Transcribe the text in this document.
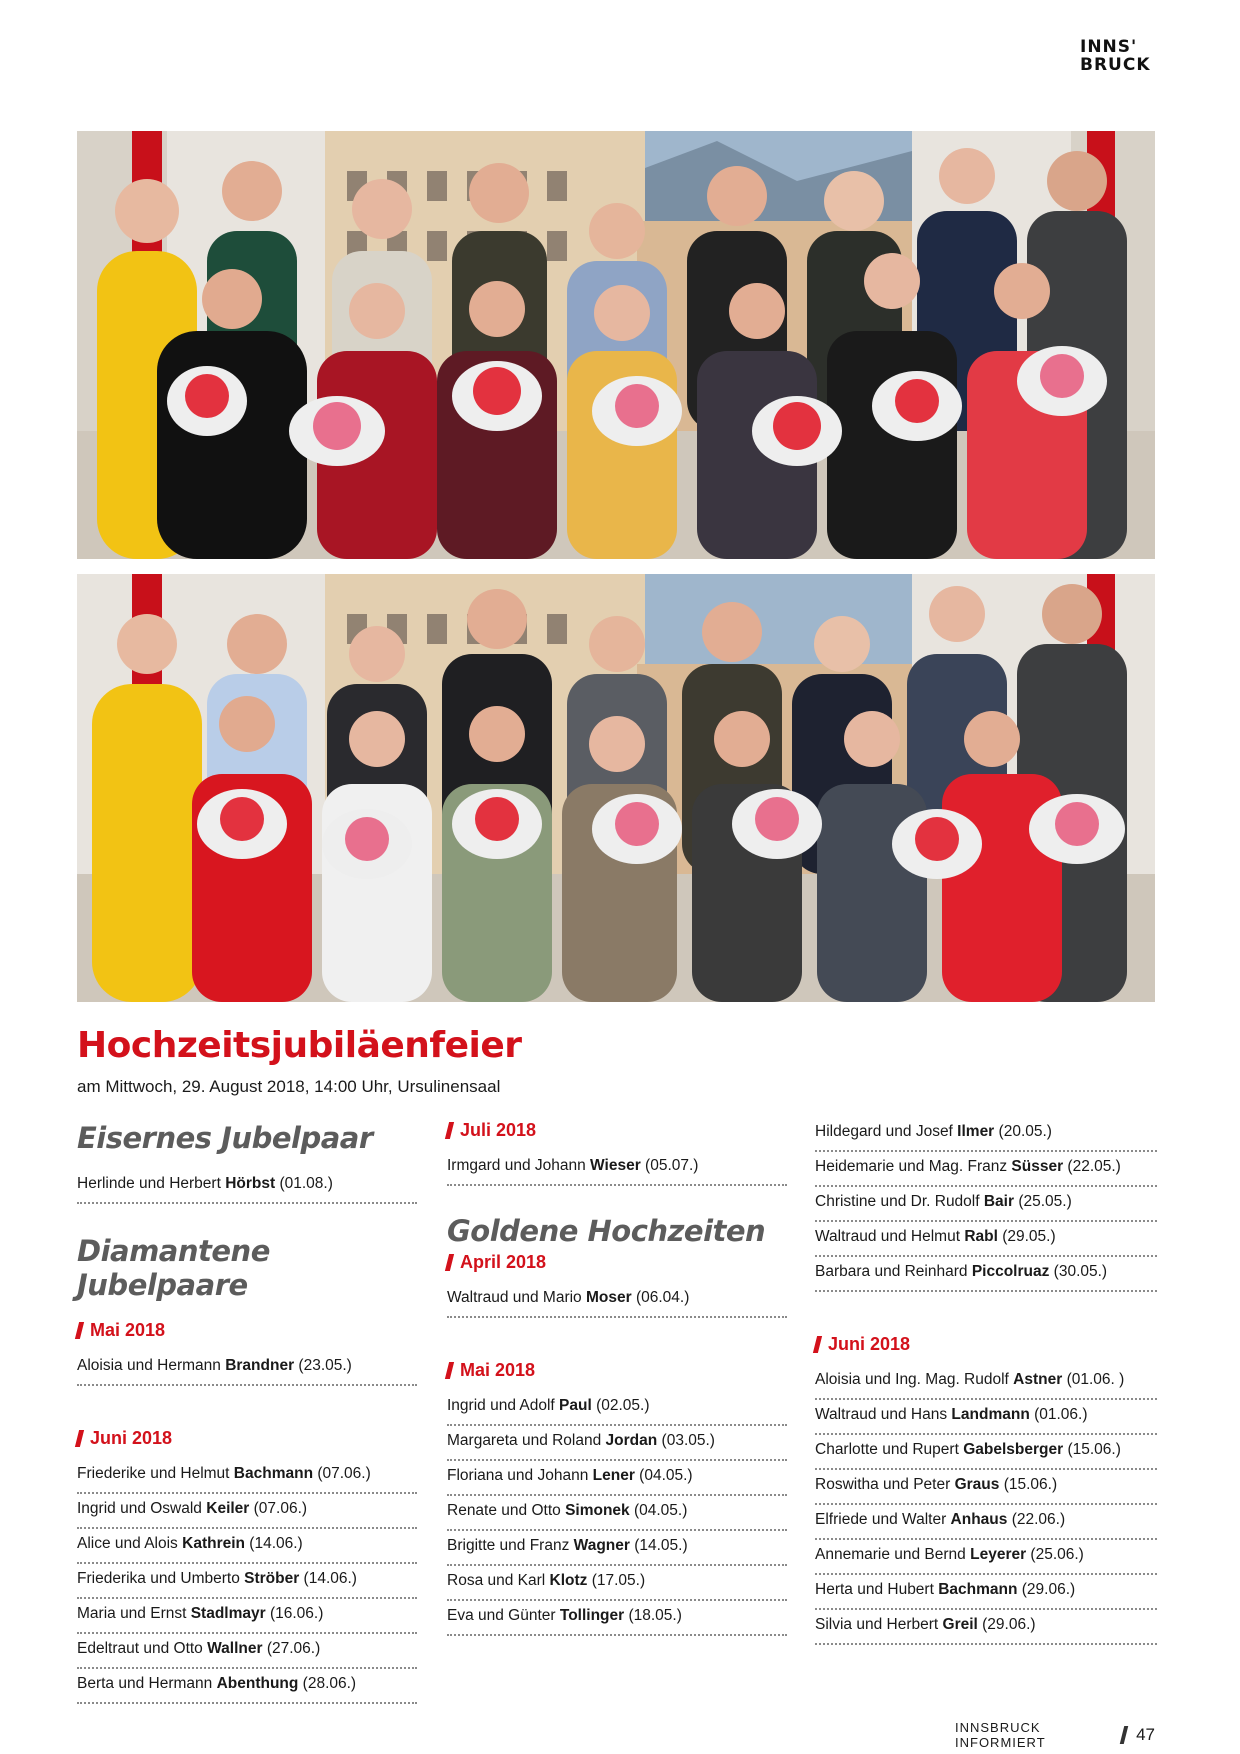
INNS'
BRUCK
Hochzeitsjubiläenfeier
am Mittwoch, 29. August 2018, 14:00 Uhr, Ursulinensaal
Eisernes Jubelpaar
Herlinde und Herbert Hörbst (01.08.)
Diamantene Jubelpaare
Mai 2018
Aloisia und Hermann Brandner (23.05.)
Juni 2018
Friederike und Helmut Bachmann (07.06.)
Ingrid und Oswald Keiler (07.06.)
Alice und Alois Kathrein (14.06.)
Friederika und Umberto Ströber (14.06.)
Maria und Ernst Stadlmayr (16.06.)
Edeltraut und Otto Wallner (27.06.)
Berta und Hermann Abenthung (28.06.)
Juli 2018
Irmgard und Johann Wieser (05.07.)
Goldene Hochzeiten
April 2018
Waltraud und Mario Moser (06.04.)
Mai 2018
Ingrid und Adolf Paul (02.05.)
Margareta und Roland Jordan (03.05.)
Floriana und Johann Lener (04.05.)
Renate und Otto Simonek (04.05.)
Brigitte und Franz Wagner (14.05.)
Rosa und Karl Klotz (17.05.)
Eva und Günter Tollinger (18.05.)
Hildegard und Josef Ilmer (20.05.)
Heidemarie und Mag. Franz Süsser (22.05.)
Christine und Dr. Rudolf Bair (25.05.)
Waltraud und Helmut Rabl (29.05.)
Barbara und Reinhard Piccolruaz (30.05.)
Juni 2018
Aloisia und Ing. Mag. Rudolf Astner (01.06. )
Waltraud und Hans Landmann (01.06.)
Charlotte und Rupert Gabelsberger (15.06.)
Roswitha und Peter Graus (15.06.)
Elfriede und Walter Anhaus (22.06.)
Annemarie und Bernd Leyerer (25.06.)
Herta und Hubert Bachmann (29.06.)
Silvia und Herbert Greil (29.06.)
INNSBRUCK INFORMIERT	47
